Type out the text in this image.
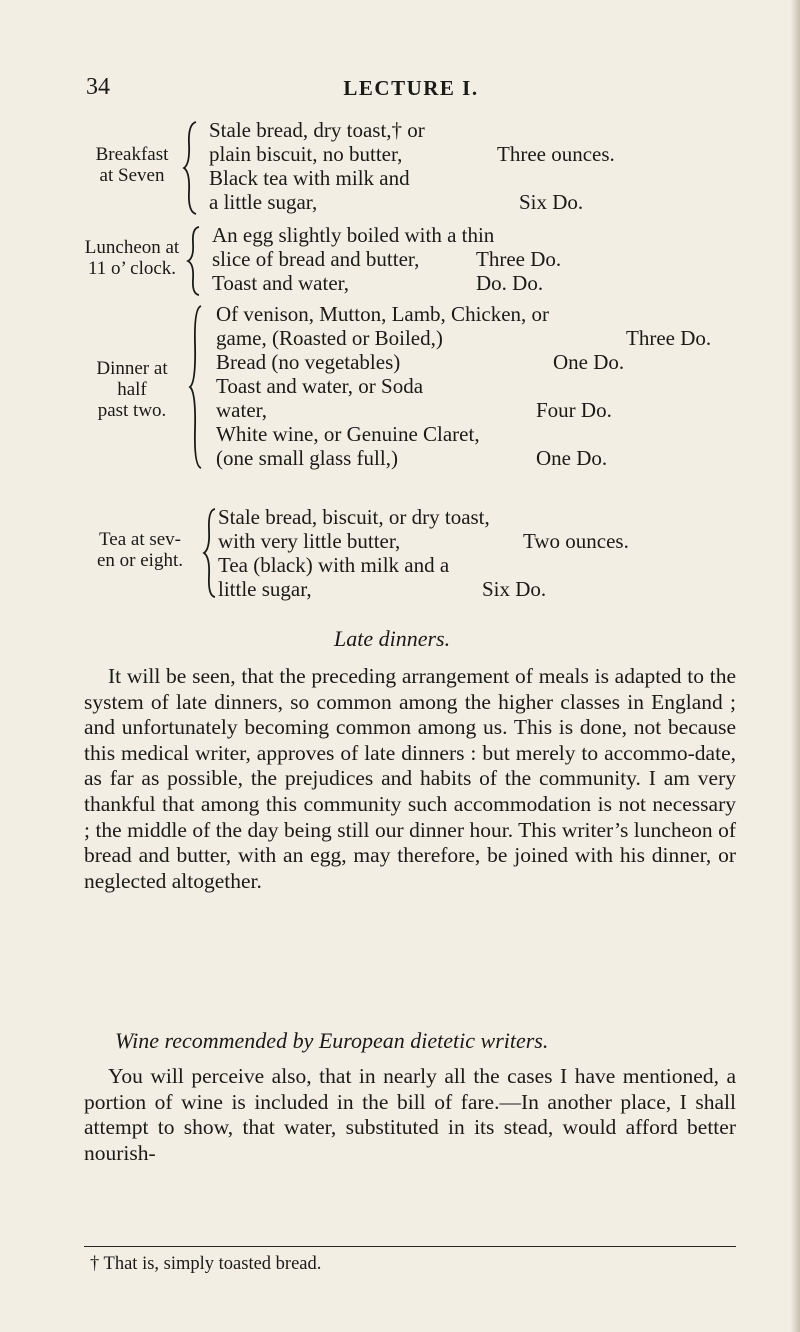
34	LECTURE I.
Breakfast
at Seven
Stale bread, dry toast,† or
plain biscuit, no butter,	Three ounces.
Black tea with milk and
a little sugar,	Six Do.
Luncheon at
11 o’ clock.
An egg slightly boiled with a thin
slice of bread and butter,	Three Do.
Toast and water,	Do. Do.
Dinner at
half
past two.
Of venison, Mutton, Lamb, Chicken, or
game, (Roasted or Boiled,)	Three Do.
Bread (no vegetables)	One Do.
Toast and water, or Soda
water,	Four Do.
White wine, or Genuine Claret,
(one small glass full,)	One Do.
Tea at sev-
en or eight.
Stale bread, biscuit, or dry toast,
with very little butter,	Two ounces.
Tea (black) with milk and a
little sugar,	Six Do.
Late dinners.

It will be seen, that the preceding arrangement of meals is adapted to the system of late dinners, so common among the higher classes in England ; and unfortunately becoming common among us. This is done, not because this medical writer, approves of late dinners : but merely to accommo-date, as far as possible, the prejudices and habits of the community. I am very thankful that among this community such accommodation is not necessary ; the middle of the day being still our dinner hour. This writer’s luncheon of bread and butter, with an egg, may therefore, be joined with his dinner, or neglected altogether.

Wine recommended by European dietetic writers.

You will perceive also, that in nearly all the cases I have mentioned, a portion of wine is included in the bill of fare.—In another place, I shall attempt to show, that water, substituted in its stead, would afford better nourish-

† That is, simply toasted bread.
